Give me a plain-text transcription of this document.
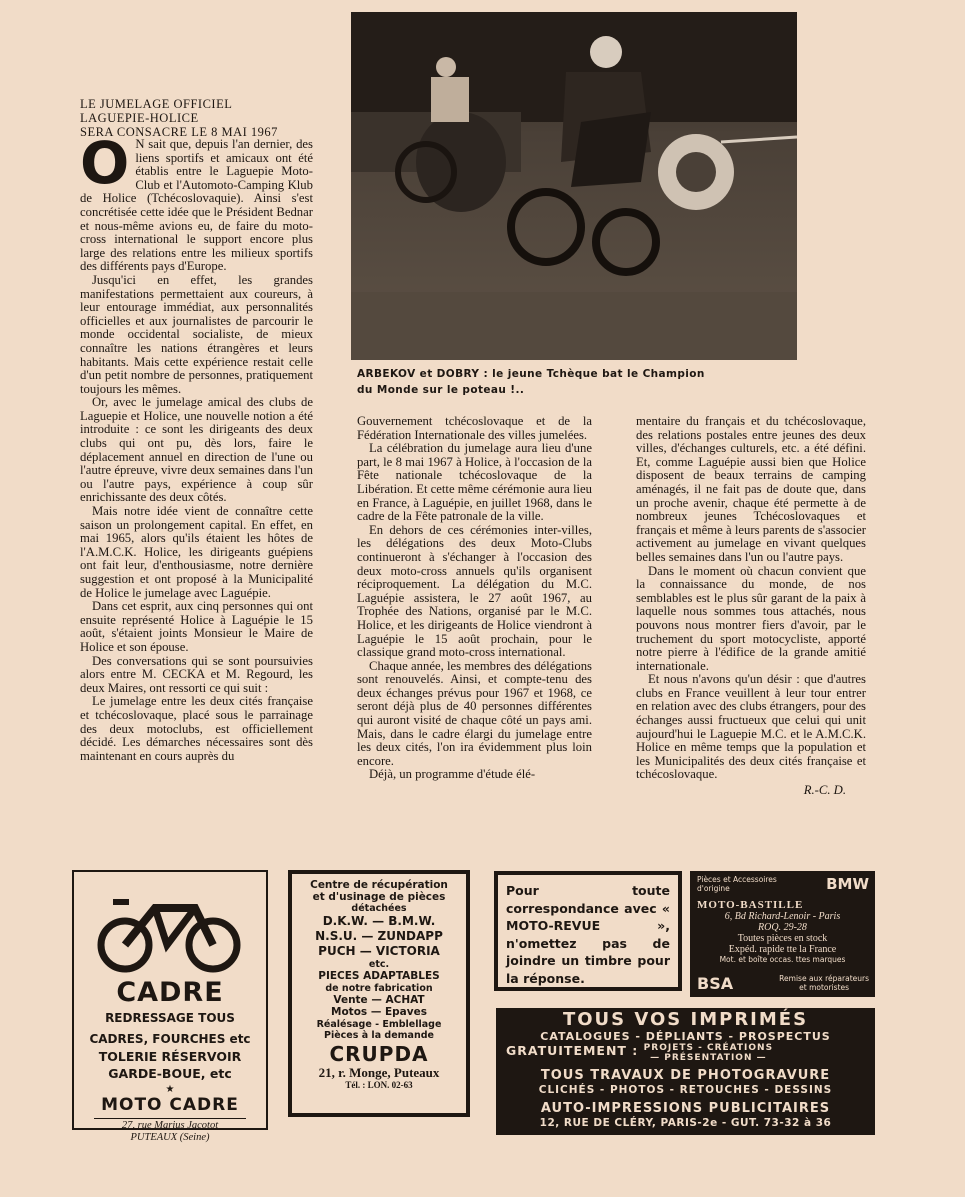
LE JUMELAGE OFFICIEL
LAGUEPIE-HOLICE
SERA CONSACRE LE 8 MAI 1967
O N sait que, depuis l'an dernier, des liens sportifs et amicaux ont été établis entre le Laguepie Moto-Club et l'Automoto-Camping Klub de Holice (Tchécoslovaquie). Ainsi s'est concrétisée cette idée que le Président Bednar et nous-même avions eu, de faire du moto-cross international le support encore plus large des relations entre les milieux sportifs des différents pays d'Europe.

Jusqu'ici en effet, les grandes manifestations permettaient aux coureurs, à leur entourage immédiat, aux personnalités officielles et aux journalistes de parcourir le monde occidental socialiste, de mieux connaître les nations étrangères et leurs habitants. Mais cette expérience restait celle d'un petit nombre de personnes, pratiquement toujours les mêmes.

Or, avec le jumelage amical des clubs de Laguepie et Holice, une nouvelle notion a été introduite : ce sont les dirigeants des deux clubs qui ont pu, dès lors, faire le déplacement annuel en direction de l'une ou l'autre épreuve, vivre deux semaines dans l'un ou l'autre pays, expérience à coup sûr enrichissante des deux côtés.

Mais notre idée vient de connaître cette saison un prolongement capital. En effet, en mai 1965, alors qu'ils étaient les hôtes de l'A.M.C.K. Holice, les dirigeants guépiens ont fait leur, d'enthousiasme, notre dernière suggestion et ont proposé à la Municipalité de Holice le jumelage avec Laguépie.

Dans cet esprit, aux cinq personnes qui ont ensuite représenté Holice à Laguépie le 15 août, s'étaient joints Monsieur le Maire de Holice et son épouse.

Des conversations qui se sont poursuivies alors entre M. CECKA et M. Regourd, les deux Maires, ont ressorti ce qui suit :

Le jumelage entre les deux cités française et tchécoslovaque, placé sous le parrainage des deux motoclubs, est officiellement décidé. Les démarches nécessaires sont dès maintenant en cours auprès du

ARBEKOV et DOBRY : le jeune Tchèque bat le Champion
du Monde sur le poteau !..

Gouvernement tchécoslovaque et de la Fédération Internationale des villes jumelées.

La célébration du jumelage aura lieu d'une part, le 8 mai 1967 à Holice, à l'occasion de la Fête nationale tchécoslovaque de la Libération. Et cette même cérémonie aura lieu en France, à Laguépie, en juillet 1968, dans le cadre de la Fête patronale de la ville.

En dehors de ces cérémonies inter-villes, les délégations des deux Moto-Clubs continueront à s'échanger à l'occasion des deux moto-cross annuels qu'ils organisent réciproquement. La délégation du M.C. Laguépie assistera, le 27 août 1967, au Trophée des Nations, organisé par le M.C. Holice, et les dirigeants de Holice viendront à Laguépie le 15 août prochain, pour le classique grand moto-cross international.

Chaque année, les membres des délégations sont renouvelés. Ainsi, et compte-tenu des deux échanges prévus pour 1967 et 1968, ce seront déjà plus de 40 personnes différentes qui auront visité de chaque côté un pays ami. Mais, dans le cadre élargi du jumelage entre les deux cités, l'on ira évidemment plus loin encore.

Déjà, un programme d'étude élé-

mentaire du français et du tchécoslovaque, des relations postales entre jeunes des deux villes, d'échanges culturels, etc. a été défini. Et, comme Laguépie aussi bien que Holice disposent de beaux terrains de camping aménagés, il ne fait pas de doute que, dans un proche avenir, chaque été permette à de nombreux jeunes Tchécoslovaques et français et même à leurs parents de s'associer activement au jumelage en vivant quelques belles semaines dans l'un ou l'autre pays.

Dans le moment où chacun convient que la connaissance du monde, de nos semblables est le plus sûr garant de la paix à laquelle nous sommes tous attachés, nous pouvons nous montrer fiers d'avoir, par le truchement du sport motocycliste, apporté notre pierre à l'édifice de la grande amitié internationale.

Et nous n'avons qu'un désir : que d'autres clubs en France veuillent à leur tour entrer en relation avec des clubs étrangers, pour des échanges aussi fructueux que celui qui unit aujourd'hui le Laguepie M.C. et le A.M.C.K. Holice en même temps que la population et les Municipalités des deux cités française et tchécoslovaque.

R.-C. D.
CADRE
REDRESSAGE TOUS
CADRES, FOURCHES etc
TOLERIE RÉSERVOIR
GARDE-BOUE, etc
★
MOTO CADRE
27, rue Marius Jacotot
PUTEAUX (Seine)
Centre de récupération
et d'usinage de pièces
détachées
D.K.W. — B.M.W.
N.S.U. — ZUNDAPP
PUCH — VICTORIA
etc.
PIECES ADAPTABLES
de notre fabrication
Vente — ACHAT
Motos — Epaves
Réalésage - Emblellage
Pièces à la demande
CRUPDA
21, r. Monge, Puteaux
Tél. : LON. 02-63
Pour toute correspondance avec « MOTO-REVUE », n'omettez pas de joindre un timbre pour la réponse.
Pièces et Accessoires
d'origine	BMW
MOTO-BASTILLE
6, Bd Richard-Lenoir - Paris
ROQ. 29-28
Toutes pièces en stock
Expéd. rapide tte la France
Mot. et boîte occas. ttes marques
BSA	Remise aux réparateurs
et motoristes
TOUS VOS IMPRIMÉS
CATALOGUES - DÉPLIANTS - PROSPECTUS
GRATUITEMENT : PROJETS - CRÉATIONS
— PRÉSENTATION —
TOUS TRAVAUX DE PHOTOGRAVURE
CLICHÉS - PHOTOS - RETOUCHES - DESSINS
AUTO-IMPRESSIONS PUBLICITAIRES
12, RUE DE CLÉRY, PARIS-2e - GUT. 73-32 à 36
